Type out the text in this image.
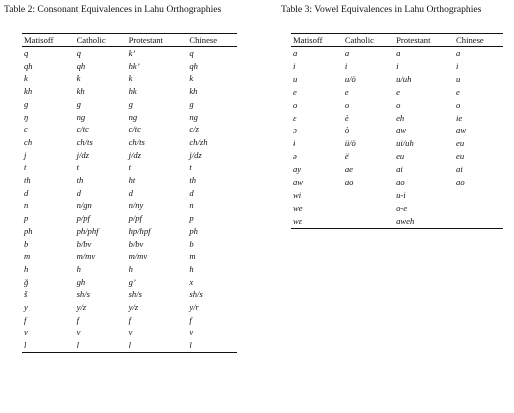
Table 2: Consonant Equivalences in Lahu Orthographies

Matisoff	Catholic	Protestant	Chinese
q	q	k’	q
qh	qh	hk’	qh
k	k	k	k
kh	kh	hk	kh
g	g	g	g
ŋ	ng	ng	ng
c	c/tc	c/tc	c/z
ch	ch/ts	ch/ts	ch/zh
j	j/dz	j/dz	j/dz
t	t	t	t
th	th	ht	th
d	d	d	d
n	n/gn	n/ny	n
p	p/pf	p/pf	p
ph	ph/phf	hp/hpf	ph
b	b/bv	b/bv	b
m	m/mv	m/mv	m
h	h	h	h
ğ	gh	g’	x
š	sh/s	sh/s	sh/s
y	y/z	y/z	y/r
f	f	f	f
v	v	v	v
l	l	l	l

Table 3: Vowel Equivalences in Lahu Orthographies

Matisoff	Catholic	Protestant	Chinese
a	a	a	a
i	i	i	i
u	u/ö	u/uh	u
e	e	e	e
o	o	o	o
ɛ	è	eh	ie
ɔ	ò	aw	aw
ɨ	ü/ö	ui/uh	eu
ə	ë	eu	eu
ay	ae	ai	ai
aw	ao	ao	ao
wi		u-i	
we		o-e	
wɛ		aweh	
